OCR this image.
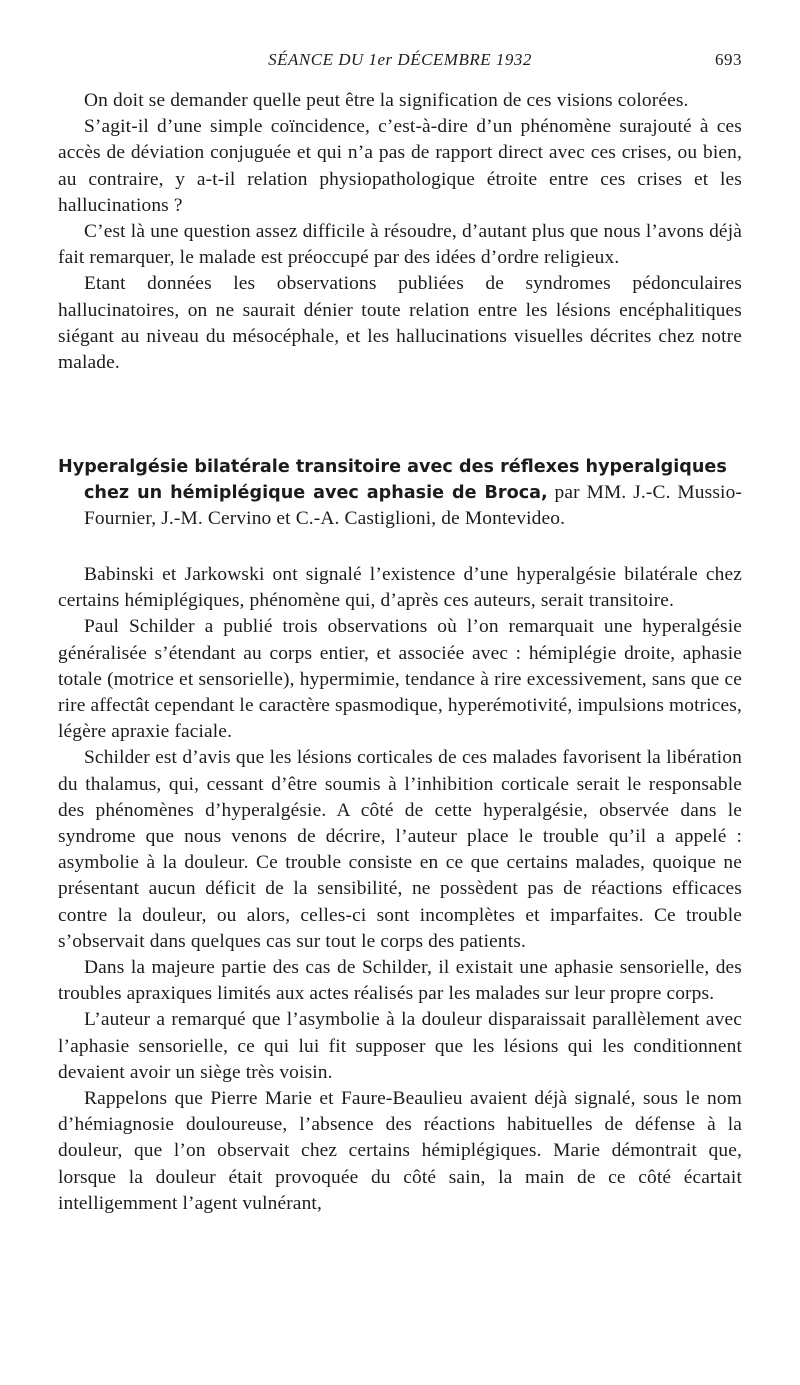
SÉANCE DU 1er DÉCEMBRE 1932	693

On doit se demander quelle peut être la signification de ces visions colorées.

S’agit-il d’une simple coïncidence, c’est-à-dire d’un phénomène surajouté à ces accès de déviation conjuguée et qui n’a pas de rapport direct avec ces crises, ou bien, au contraire, y a-t-il relation physiopathologique étroite entre ces crises et les hallucinations ?

C’est là une question assez difficile à résoudre, d’autant plus que nous l’avons déjà fait remarquer, le malade est préoccupé par des idées d’ordre religieux.

Etant données les observations publiées de syndromes pédonculaires hallucinatoires, on ne saurait dénier toute relation entre les lésions encéphalitiques siégant au niveau du mésocéphale, et les hallucinations visuelles décrites chez notre malade.

Hyperalgésie bilatérale transitoire avec des réflexes hyperalgiques
chez un hémiplégique avec aphasie de Broca, par MM. J.-C. Mussio-Fournier, J.-M. Cervino et C.-A. Castiglioni, de Montevideo.

Babinski et Jarkowski ont signalé l’existence d’une hyperalgésie bilatérale chez certains hémiplégiques, phénomène qui, d’après ces auteurs, serait transitoire.

Paul Schilder a publié trois observations où l’on remarquait une hyperalgésie généralisée s’étendant au corps entier, et associée avec : hémiplégie droite, aphasie totale (motrice et sensorielle), hypermimie, tendance à rire excessivement, sans que ce rire affectât cependant le caractère spasmodique, hyperémotivité, impulsions motrices, légère apraxie faciale.

Schilder est d’avis que les lésions corticales de ces malades favorisent la libération du thalamus, qui, cessant d’être soumis à l’inhibition corticale serait le responsable des phénomènes d’hyperalgésie. A côté de cette hyperalgésie, observée dans le syndrome que nous venons de décrire, l’auteur place le trouble qu’il a appelé : asymbolie à la douleur. Ce trouble consiste en ce que certains malades, quoique ne présentant aucun déficit de la sensibilité, ne possèdent pas de réactions efficaces contre la douleur, ou alors, celles-ci sont incomplètes et imparfaites. Ce trouble s’observait dans quelques cas sur tout le corps des patients.

Dans la majeure partie des cas de Schilder, il existait une aphasie sensorielle, des troubles apraxiques limités aux actes réalisés par les malades sur leur propre corps.

L’auteur a remarqué que l’asymbolie à la douleur disparaissait parallèlement avec l’aphasie sensorielle, ce qui lui fit supposer que les lésions qui les conditionnent devaient avoir un siège très voisin.

Rappelons que Pierre Marie et Faure-Beaulieu avaient déjà signalé, sous le nom d’hémiagnosie douloureuse, l’absence des réactions habituelles de défense à la douleur, que l’on observait chez certains hémiplégiques. Marie démontrait que, lorsque la douleur était provoquée du côté sain, la main de ce côté écartait intelligemment l’agent vulnérant,
